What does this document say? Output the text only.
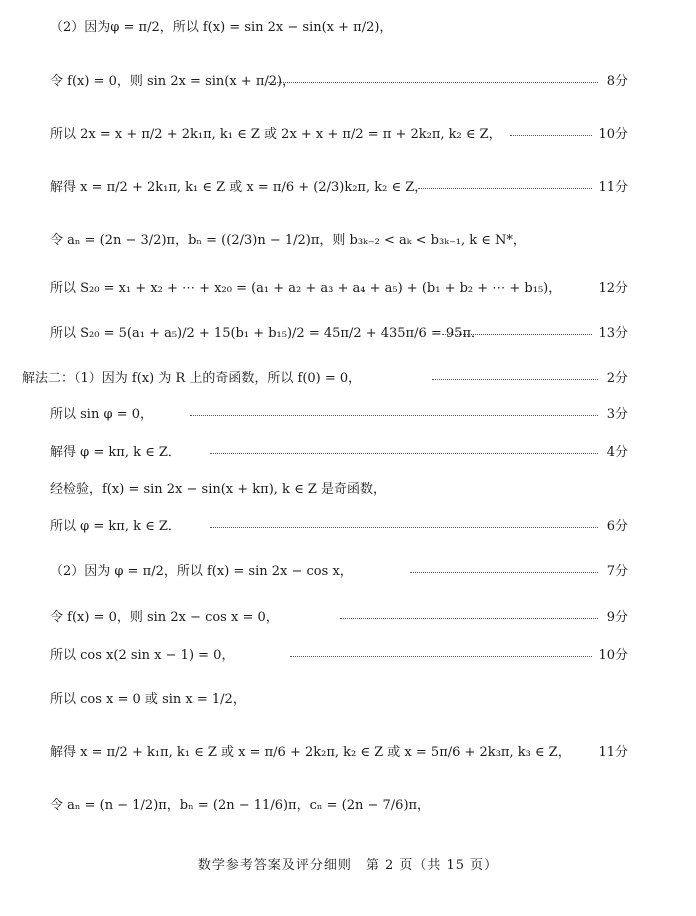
（2）因为φ = π/2，所以 f(x) = sin 2x − sin(x + π/2)，
令 f(x) = 0，则 sin 2x = sin(x + π/2)，	8分
所以 2x = x + π/2 + 2k₁π, k₁ ∈ Z 或 2x + x + π/2 = π + 2k₂π, k₂ ∈ Z，	10分
解得 x = π/2 + 2k₁π, k₁ ∈ Z 或 x = π/6 + (2/3)k₂π, k₂ ∈ Z，	11分
令 aₙ = (2n − 3/2)π，bₙ = ((2/3)n − 1/2)π，则 b₃ₖ₋₂ < aₖ < b₃ₖ₋₁, k ∈ N*，
所以 S₂₀ = x₁ + x₂ + ⋯ + x₂₀ = (a₁ + a₂ + a₃ + a₄ + a₅) + (b₁ + b₂ + ⋯ + b₁₅)，	12分
所以 S₂₀ = 5(a₁ + a₅)/2 + 15(b₁ + b₁₅)/2 = 45π/2 + 435π/6 = 95π．	13分
解法二：（1）因为 f(x) 为 R 上的奇函数，所以 f(0) = 0，	2分
所以 sin φ = 0，	3分
解得 φ = kπ, k ∈ Z．	4分
经检验，f(x) = sin 2x − sin(x + kπ), k ∈ Z 是奇函数，
所以 φ = kπ, k ∈ Z．	6分
（2）因为 φ = π/2，所以 f(x) = sin 2x − cos x，	7分
令 f(x) = 0，则 sin 2x − cos x = 0，	9分
所以 cos x(2 sin x − 1) = 0，	10分
所以 cos x = 0 或 sin x = 1/2，
解得 x = π/2 + k₁π, k₁ ∈ Z 或 x = π/6 + 2k₂π, k₂ ∈ Z 或 x = 5π/6 + 2k₃π, k₃ ∈ Z， 11分
令 aₙ = (n − 1/2)π，bₙ = (2n − 11/6)π，cₙ = (2n − 7/6)π，
数学参考答案及评分细则　第 2 页（共 15 页）
